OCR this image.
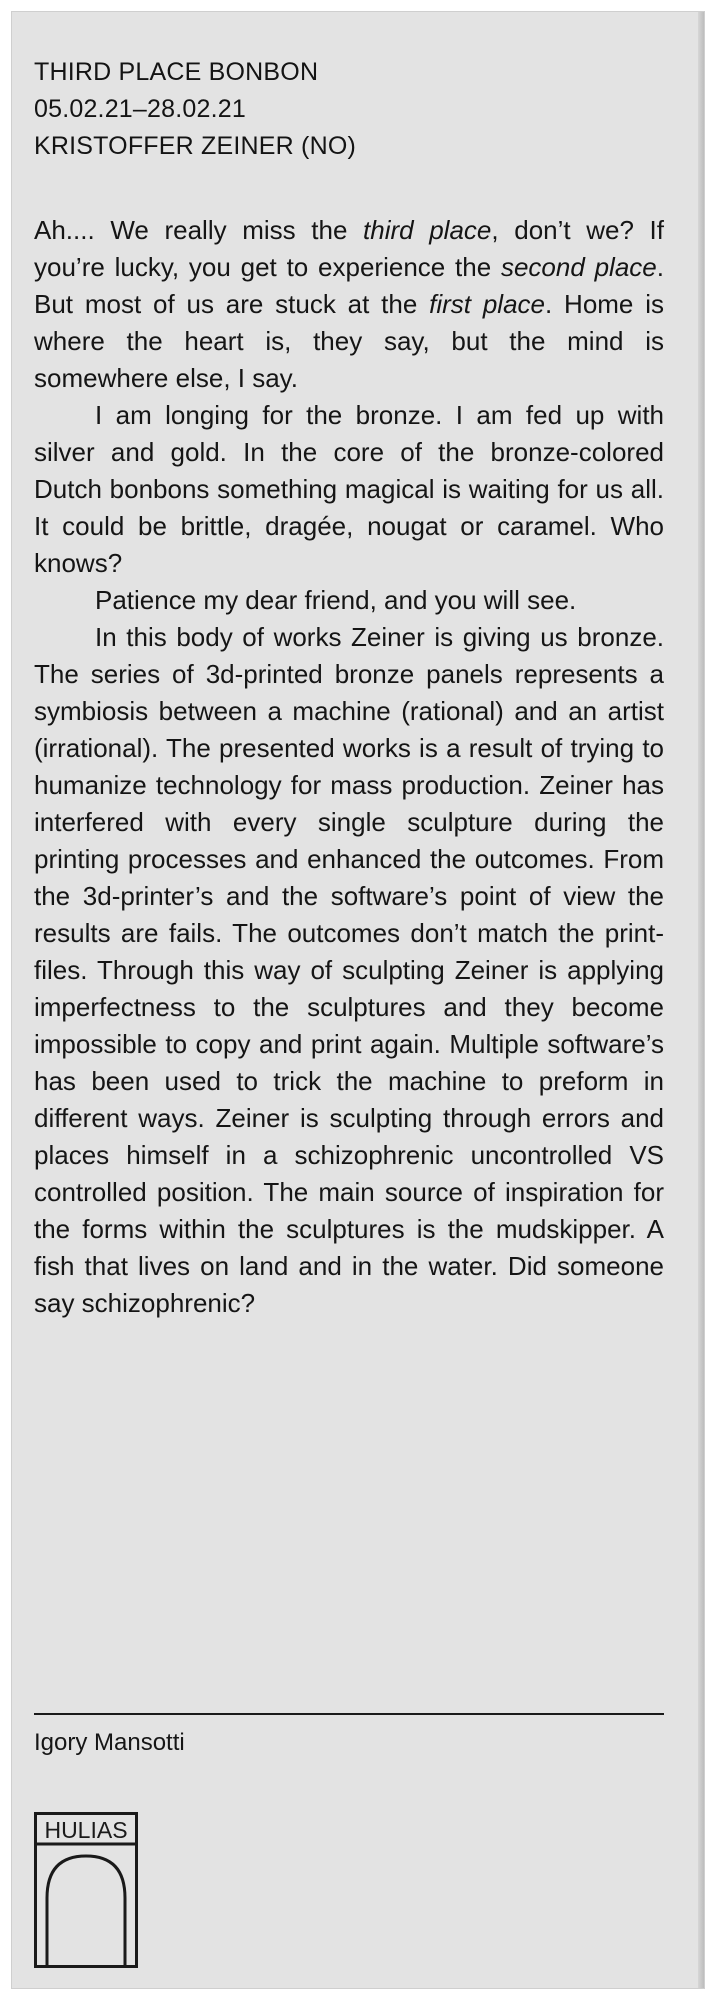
THIRD PLACE BONBON
05.02.21–28.02.21
KRISTOFFER ZEINER (NO)

Ah.... We really miss the third place, don’t we? If you’re lucky, you get to experience the second place. But most of us are stuck at the first place. Home is where the heart is, they say, but the mind is somewhere else, I say.

I am longing for the bronze. I am fed up with silver and gold. In the core of the bronze-colored Dutch bonbons something magical is waiting for us all. It could be brittle, dragée, nougat or caramel. Who knows?

Patience my dear friend, and you will see.

In this body of works Zeiner is giving us bronze. The series of 3d-printed bronze panels represents a symbiosis between a machine (rational) and an artist (irrational). The presented works is a result of trying to humanize technology for mass production. Zeiner has interfered with every single sculpture during the printing processes and enhanced the outcomes. From the 3d-printer’s and the software’s point of view the results are fails. The outcomes don’t match the print-files. Through this way of sculpting Zeiner is applying imperfectness to the sculptures and they become impossible to copy and print again. Multiple software’s has been used to trick the machine to preform in different ways. Zeiner is sculpting through errors and places himself in a schizophrenic uncontrolled VS controlled position. The main source of inspiration for the forms within the sculptures is the mudskipper. A fish that lives on land and in the water. Did someone say schizophrenic?

Igory Mansotti
HULIAS
